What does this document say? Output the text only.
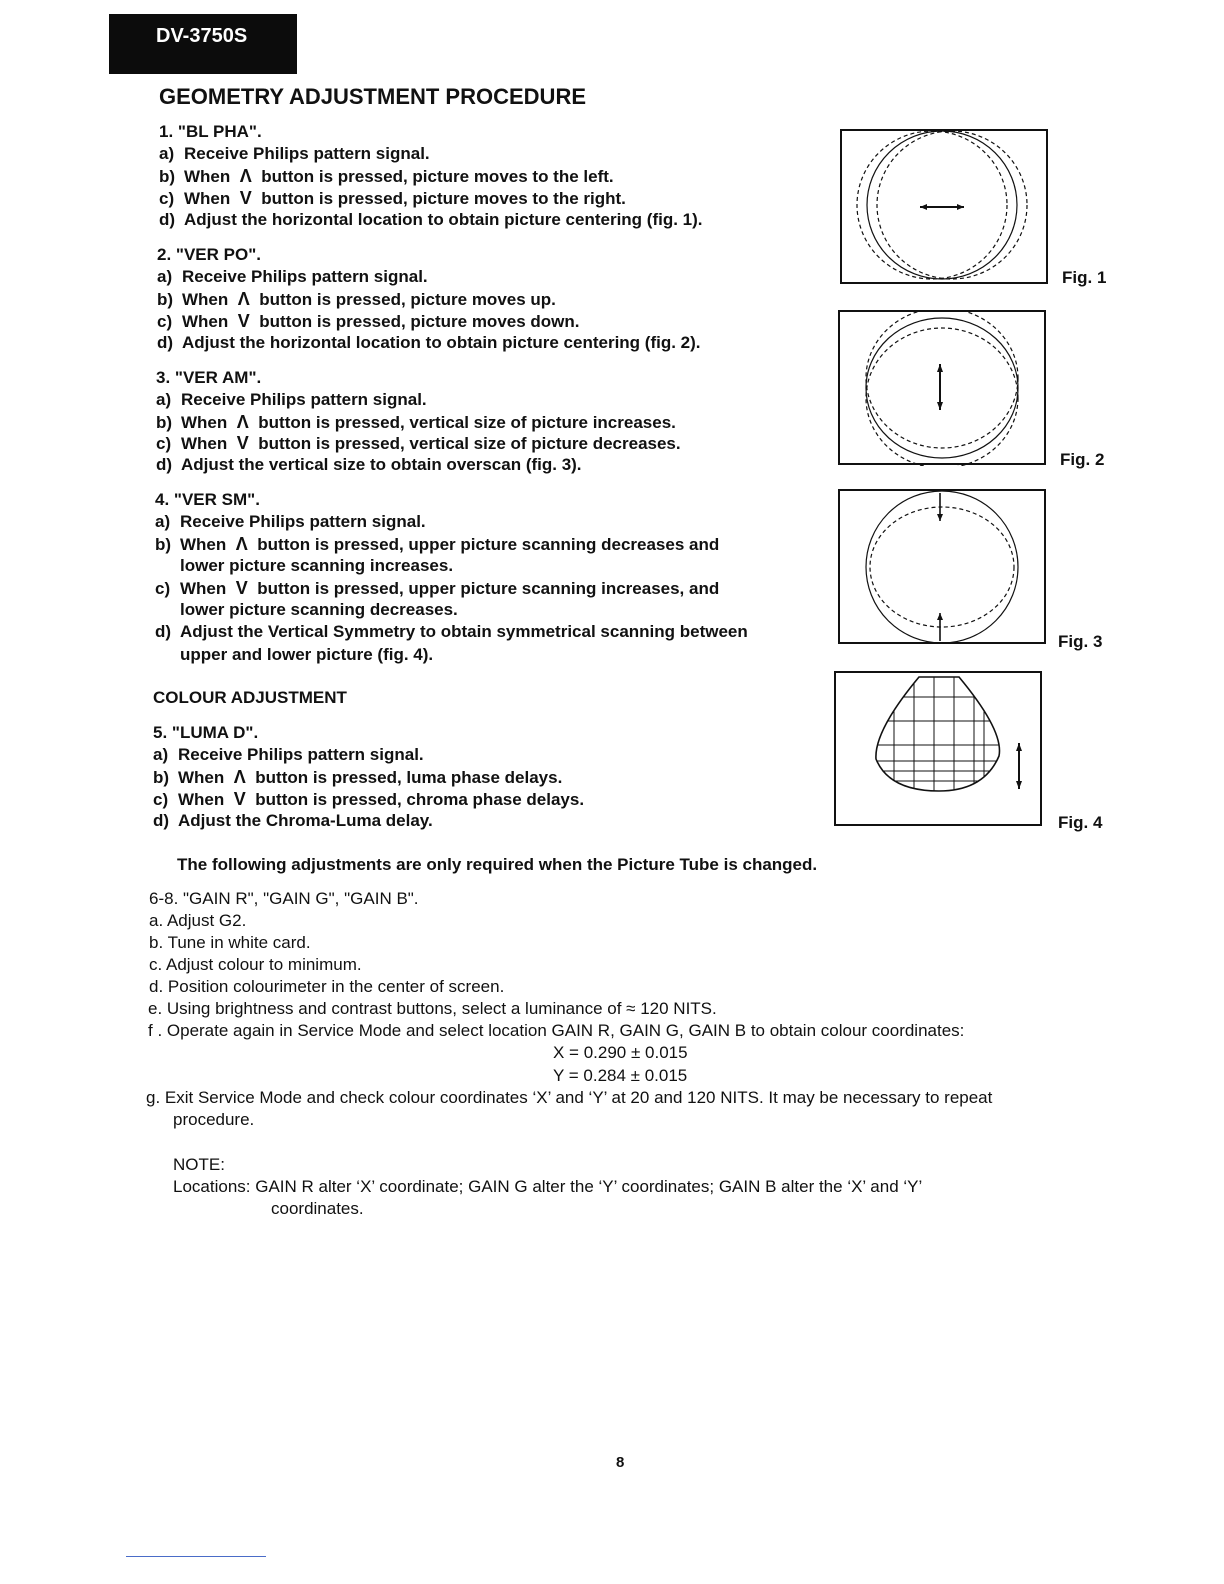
DV-3750S
GEOMETRY ADJUSTMENT PROCEDURE
1. "BL PHA".
a) Receive Philips pattern signal.
b) When Λ button is pressed, picture moves to the left.
c) When V button is pressed, picture moves to the right.
d) Adjust the horizontal location to obtain picture centering (fig. 1).
2. "VER PO".
a) Receive Philips pattern signal.
b) When Λ button is pressed, picture moves up.
c) When V button is pressed, picture moves down.
d) Adjust the horizontal location to obtain picture centering (fig. 2).
3. "VER AM".
a) Receive Philips pattern signal.
b) When Λ button is pressed, vertical size of picture increases.
c) When V button is pressed, vertical size of picture decreases.
d) Adjust the vertical size to obtain overscan (fig. 3).
4. "VER SM".
a) Receive Philips pattern signal.
b) When Λ button is pressed, upper picture scanning decreases and
lower picture scanning increases.
c) When V button is pressed, upper picture scanning increases, and
lower picture scanning decreases.
d) Adjust the Vertical Symmetry to obtain symmetrical scanning between
upper and lower picture (fig. 4).
COLOUR ADJUSTMENT
5. "LUMA D".
a) Receive Philips pattern signal.
b) When Λ button is pressed, luma phase delays.
c) When V button is pressed, chroma phase delays.
d) Adjust the Chroma-Luma delay.
The following adjustments are only required when the Picture Tube is changed.
6-8. "GAIN R", "GAIN G", "GAIN B".
a. Adjust G2.
b. Tune in white card.
c. Adjust colour to minimum.
d. Position colourimeter in the center of screen.
e. Using brightness and contrast buttons, select a luminance of ≈ 120 NITS.
f . Operate again in Service Mode and select location GAIN R, GAIN G, GAIN B to obtain colour coordinates:
X = 0.290 ± 0.015
Y = 0.284 ± 0.015
g. Exit Service Mode and check colour coordinates ‘X’ and ‘Y’ at 20 and 120 NITS. It may be necessary to repeat
procedure.
NOTE:
Locations: GAIN R alter ‘X’ coordinate; GAIN G alter the ‘Y’ coordinates; GAIN B alter the ‘X’ and ‘Y’
coordinates.
Fig. 1
Fig. 2
Fig. 3
Fig. 4
8
